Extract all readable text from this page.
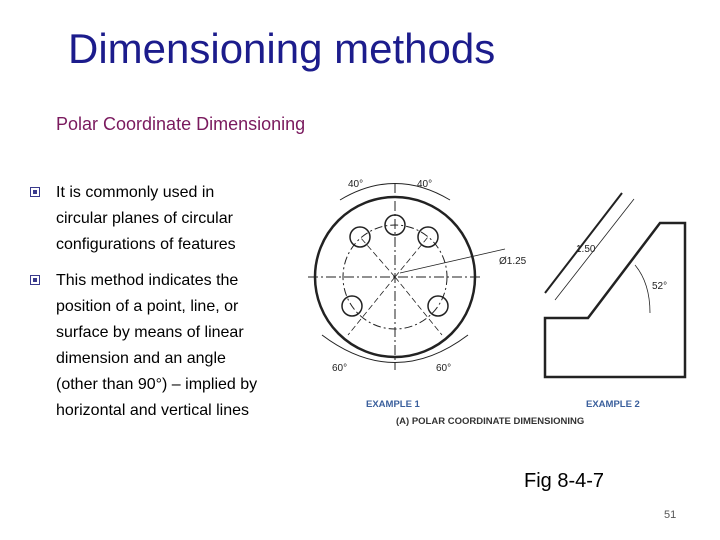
Dimensioning methods
Polar Coordinate Dimensioning
It is commonly used in circular planes of circular configurations of features
This method indicates the position of a point, line, or surface by means of linear dimension and an angle (other than 90°) – implied by horizontal and vertical lines
40°	40°
Ø1.25
60°	60°
EXAMPLE 1
1.50
52°
EXAMPLE 2
(A) POLAR COORDINATE DIMENSIONING
Fig 8-4-7
51
